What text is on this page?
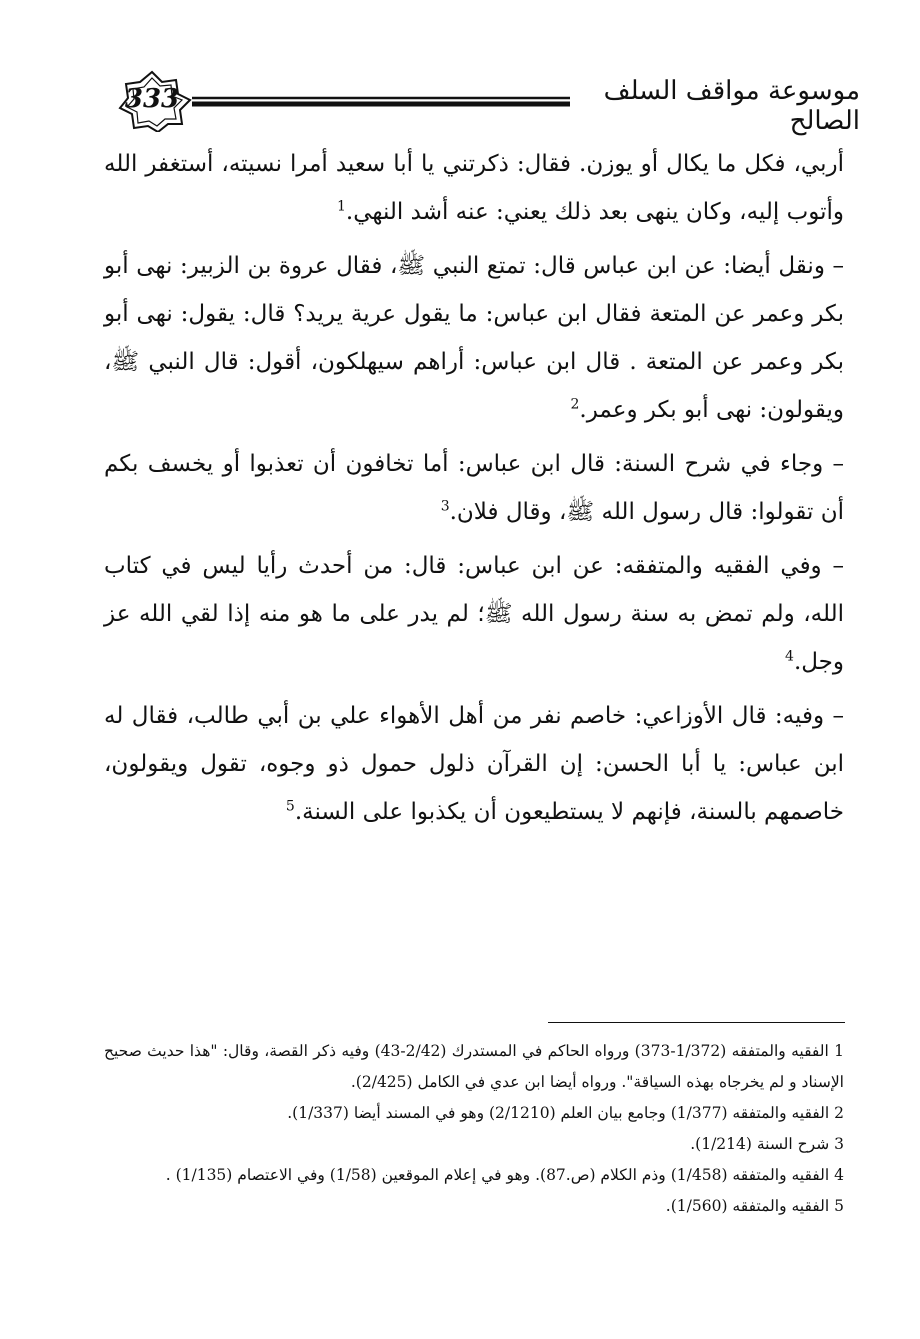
333	موسوعة مواقف السلف الصالح

أربي، فكل ما يكال أو يوزن. فقال: ذكرتني يا أبا سعيد أمرا نسيته، أستغفر الله وأتوب إليه، وكان ينهى بعد ذلك يعني: عنه أشد النهي.$^1$

– ونقل أيضا: عن ابن عباس قال: تمتع النبي ﷺ، فقال عروة بن الزبير: نهى أبو بكر وعمر عن المتعة فقال ابن عباس: ما يقول عرية يريد؟ قال: يقول: نهى أبو بكر وعمر عن المتعة . قال ابن عباس: أراهم سيهلكون، أقول: قال النبي ﷺ، ويقولون: نهى أبو بكر وعمر.$^2$

– وجاء في شرح السنة: قال ابن عباس: أما تخافون أن تعذبوا أو يخسف بكم أن تقولوا: قال رسول الله ﷺ، وقال فلان.$^3$

– وفي الفقيه والمتفقه: عن ابن عباس: قال: من أحدث رأيا ليس في كتاب الله، ولم تمض به سنة رسول الله ﷺ؛ لم يدر على ما هو منه إذا لقي الله عز وجل.$^4$

– وفيه: قال الأوزاعي: خاصم نفر من أهل الأهواء علي بن أبي طالب، فقال له ابن عباس: يا أبا الحسن: إن القرآن ذلول حمول ذو وجوه، تقول ويقولون، خاصمهم بالسنة، فإنهم لا يستطيعون أن يكذبوا على السنة.$^5$

1 الفقيه والمتفقه (1/372-373) ورواه الحاكم في المستدرك (2/42-43) وفيه ذكر القصة، وقال: "هذا حديث صحيح الإسناد و لم يخرجاه بهذه السياقة". ورواه أيضا ابن عدي في الكامل (2/425).

2 الفقيه والمتفقه (1/377) وجامع بيان العلم (2/1210) وهو في المسند أيضا (1/337).

3 شرح السنة (1/214).

4 الفقيه والمتفقه (1/458) وذم الكلام (ص.87). وهو في إعلام الموقعين (1/58) وفي الاعتصام (1/135) .

5 الفقيه والمتفقه (1/560).
